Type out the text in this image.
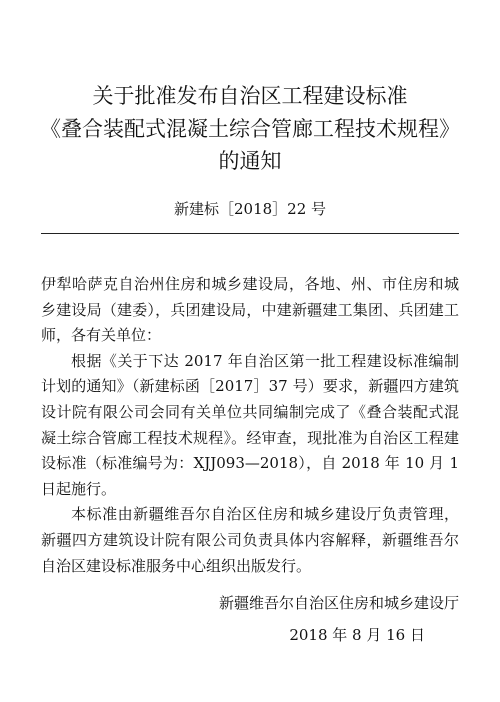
关于批准发布自治区工程建设标准
《叠合装配式混凝土综合管廊工程技术规程》
的通知
新建标［2018］22 号

伊犁哈萨克自治州住房和城乡建设局，各地、州、市住房和城乡建设局（建委），兵团建设局，中建新疆建工集团、兵团建工师，各有关单位：

根据《关于下达 2017 年自治区第一批工程建设标准编制计划的通知》（新建标函［2017］37 号）要求，新疆四方建筑设计院有限公司会同有关单位共同编制完成了《叠合装配式混凝土综合管廊工程技术规程》。经审查，现批准为自治区工程建设标准（标准编号为：XJJ093—2018），自 2018 年 10 月 1 日起施行。

本标准由新疆维吾尔自治区住房和城乡建设厅负责管理，新疆四方建筑设计院有限公司负责具体内容解释，新疆维吾尔自治区建设标准服务中心组织出版发行。

新疆维吾尔自治区住房和城乡建设厅
2018 年 8 月 16 日
